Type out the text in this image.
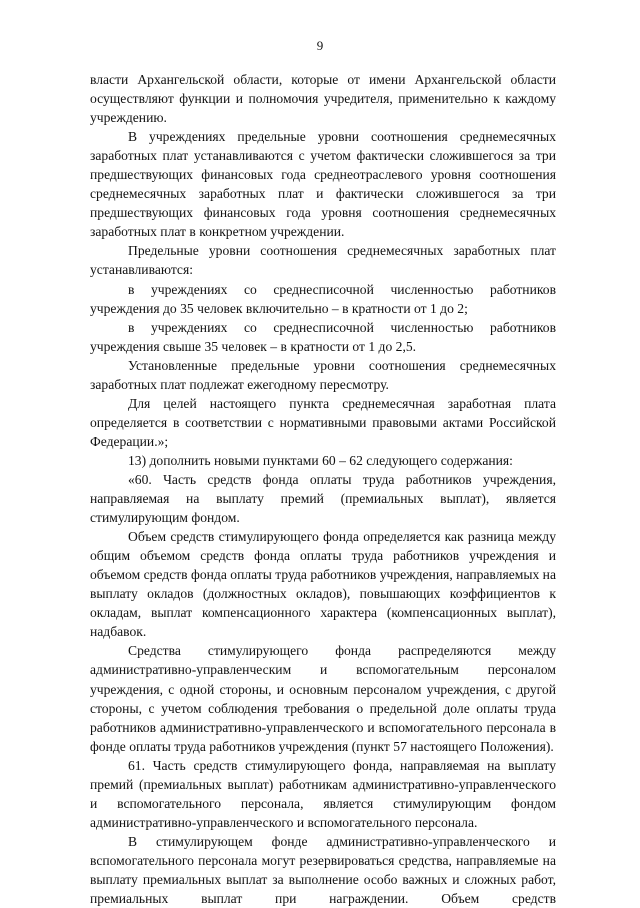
9

власти Архангельской области, которые от имени Архангельской области осуществляют функции и полномочия учредителя, применительно к каждому учреждению.

В учреждениях предельные уровни соотношения среднемесячных заработных плат устанавливаются с учетом фактически сложившегося за три предшествующих финансовых года среднеотраслевого уровня соотношения среднемесячных заработных плат и фактически сложившегося за три предшествующих финансовых года уровня соотношения среднемесячных заработных плат в конкретном учреждении.

Предельные уровни соотношения среднемесячных заработных плат устанавливаются:

в учреждениях со среднесписочной численностью работников учреждения до 35 человек включительно – в кратности от 1 до 2;

в учреждениях со среднесписочной численностью работников учреждения свыше 35 человек – в кратности от 1 до 2,5.

Установленные предельные уровни соотношения среднемесячных заработных плат подлежат ежегодному пересмотру.

Для целей настоящего пункта среднемесячная заработная плата определяется в соответствии с нормативными правовыми актами Российской Федерации.»;

13) дополнить новыми пунктами 60 – 62 следующего содержания:

«60. Часть средств фонда оплаты труда работников учреждения, направляемая на выплату премий (премиальных выплат), является стимулирующим фондом.

Объем средств стимулирующего фонда определяется как разница между общим объемом средств фонда оплаты труда работников учреждения и объемом средств фонда оплаты труда работников учреждения, направляемых на выплату окладов (должностных окладов), повышающих коэффициентов к окладам, выплат компенсационного характера (компенсационных выплат), надбавок.

Средства стимулирующего фонда распределяются между административно-управленческим и вспомогательным персоналом учреждения, с одной стороны, и основным персоналом учреждения, с другой стороны, с учетом соблюдения требования о предельной доле оплаты труда работников административно-управленческого и вспомогательного персонала в фонде оплаты труда работников учреждения (пункт 57 настоящего Положения).

61. Часть средств стимулирующего фонда, направляемая на выплату премий (премиальных выплат) работникам административно-управленческого и вспомогательного персонала, является стимулирующим фондом административно-управленческого и вспомогательного персонала.

В стимулирующем фонде административно-управленческого и вспомогательного персонала могут резервироваться средства, направляемые на выплату премиальных выплат за выполнение особо важных и сложных работ, премиальных выплат при награждении. Объем средств
